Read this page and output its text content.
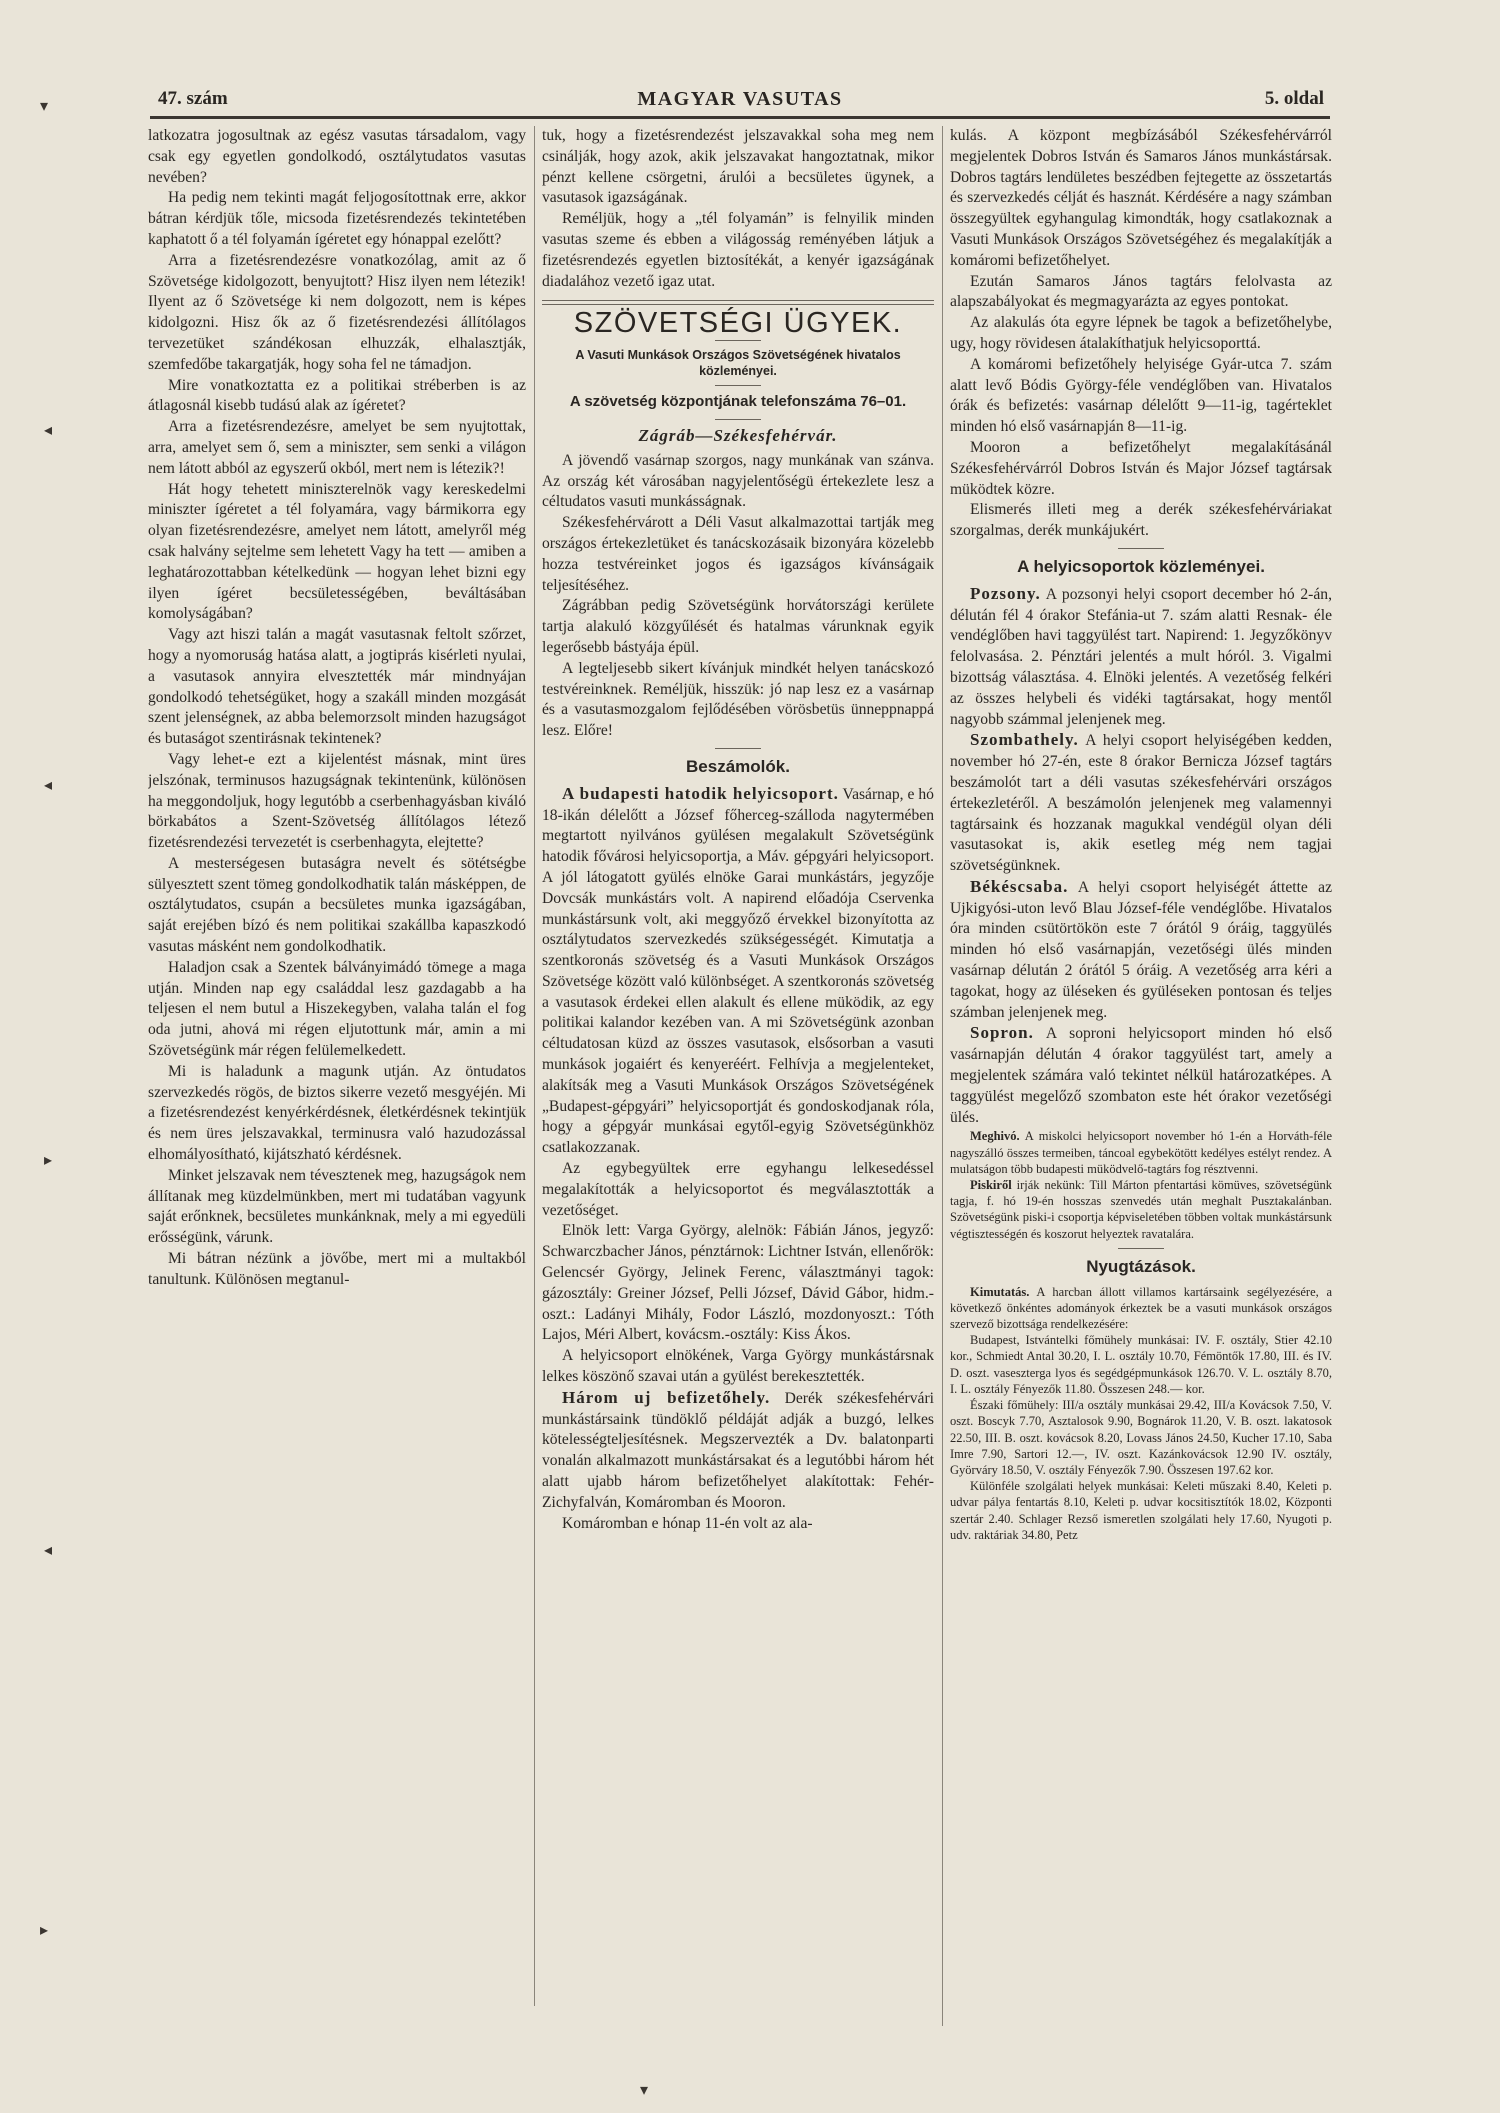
47. szám	MAGYAR VASUTAS	5. oldal
▾
◂
◂
▸
◂
▸
▾

latkozatra jogosultnak az egész vasutas társadalom, vagy csak egy egyetlen gondolkodó, osztálytudatos vasutas nevében?

Ha pedig nem tekinti magát feljogosítottnak erre, akkor bátran kérdjük tőle, micsoda fizetésrendezés tekintetében kaphatott ő a tél folyamán ígéretet egy hónappal ezelőtt?

Arra a fizetésrendezésre vonatkozólag, amit az ő Szövetsége kidolgozott, benyujtott? Hisz ilyen nem létezik! Ilyent az ő Szövetsége ki nem dolgozott, nem is képes kidolgozni. Hisz ők az ő fizetésrendezési állítólagos tervezetüket szándékosan elhuzzák, elhalasztják, szemfedőbe takargatják, hogy soha fel ne támadjon.

Mire vonatkoztatta ez a politikai stréberben is az átlagosnál kisebb tudású alak az ígéretet?

Arra a fizetésrendezésre, amelyet be sem nyujtottak, arra, amelyet sem ő, sem a miniszter, sem senki a világon nem látott abból az egyszerű okból, mert nem is létezik?!

Hát hogy tehetett miniszterelnök vagy kereskedelmi miniszter ígéretet a tél folyamára, vagy bármikorra egy olyan fizetésrendezésre, amelyet nem látott, amelyről még csak halvány sejtelme sem lehetett Vagy ha tett — amiben a leghatározottabban kételkedünk — hogyan lehet bizni egy ilyen ígéret becsületességében, beváltásában komolyságában?

Vagy azt hiszi talán a magát vasutasnak feltolt szőrzet, hogy a nyomoruság hatása alatt, a jogtiprás kisérleti nyulai, a vasutasok annyira elvesztették már mindnyájan gondolkodó tehetségüket, hogy a szakáll minden mozgását szent jelenségnek, az abba belemorzsolt minden hazugságot és butaságot szentirásnak tekintenek?

Vagy lehet-e ezt a kijelentést másnak, mint üres jelszónak, terminusos hazugságnak tekintenünk, különösen ha meggondoljuk, hogy legutóbb a cserbenhagyásban kiváló börkabátos a Szent-Szövetség állítólagos létező fizetésrendezési tervezetét is cserbenhagyta, elejtette?

A mesterségesen butaságra nevelt és sötétségbe sülyesztett szent tömeg gondolkodhatik talán másképpen, de osztálytudatos, csupán a becsületes munka igazságában, saját erejében bízó és nem politikai szakállba kapaszkodó vasutas másként nem gondolkodhatik.

Haladjon csak a Szentek bálványimádó tömege a maga utján. Minden nap egy családdal lesz gazdagabb a ha teljesen el nem butul a Hiszekegyben, valaha talán el fog oda jutni, ahová mi régen eljutottunk már, amin a mi Szövetségünk már régen felülemelkedett.

Mi is haladunk a magunk utján. Az öntudatos szervezkedés rögös, de biztos sikerre vezető mesgyéjén. Mi a fizetésrendezést kenyérkérdésnek, életkérdésnek tekintjük és nem üres jelszavakkal, terminusra való hazudozással elhomályosítható, kijátszható kérdésnek.

Minket jelszavak nem tévesztenek meg, hazugságok nem állítanak meg küzdelmünkben, mert mi tudatában vagyunk saját erőnknek, becsületes munkánknak, mely a mi egyedüli erősségünk, várunk.

Mi bátran nézünk a jövőbe, mert mi a multakból tanultunk. Különösen megtanul-

tuk, hogy a fizetésrendezést jelszavakkal soha meg nem csinálják, hogy azok, akik jelszavakat hangoztatnak, mikor pénzt kellene csörgetni, árulói a becsületes ügynek, a vasutasok igazságának.

Reméljük, hogy a „tél folyamán” is felnyilik minden vasutas szeme és ebben a világosság reményében látjuk a fizetésrendezés egyetlen biztosítékát, a kenyér igazságának diadalához vezető igaz utat.

SZÖVETSÉGI ÜGYEK.

A Vasuti Munkások Országos Szövetségének hivatalos közleményei.

A szövetség központjának telefonszáma 76–01.

Zágráb—Székesfehérvár.

A jövendő vasárnap szorgos, nagy munkának van szánva. Az ország két városában nagyjelentőségü értekezlete lesz a céltudatos vasuti munkásságnak.

Székesfehérvárott a Déli Vasut alkalmazottai tartják meg országos értekezletüket és tanácskozásaik bizonyára közelebb hozza testvéreinket jogos és igazságos kívánságaik teljesítéséhez.

Zágrábban pedig Szövetségünk horvátországi kerülete tartja alakuló közgyűlését és hatalmas várunknak egyik legerősebb bástyája épül.

A legteljesebb sikert kívánjuk mindkét helyen tanácskozó testvéreinknek. Reméljük, hisszük: jó nap lesz ez a vasárnap és a vasutasmozgalom fejlődésében vörösbetüs ünneppnappá lesz. Előre!

Beszámolók.

A budapesti hatodik helyicsoport. Vasárnap, e hó 18-ikán délelőtt a József főherceg-szálloda nagytermében megtartott nyilvános gyülésen megalakult Szövetségünk hatodik fővárosi helyicsoportja, a Máv. gépgyári helyicsoport. A jól látogatott gyülés elnöke Garai munkástárs, jegyzője Dovcsák munkástárs volt. A napirend előadója Cservenka munkástársunk volt, aki meggyőző érvekkel bizonyította az osztálytudatos szervezkedés szükségességét. Kimutatja a szentkoronás szövetség és a Vasuti Munkások Országos Szövetsége között való különbséget. A szentkoronás szövetség a vasutasok érdekei ellen alakult és ellene müködik, az egy politikai kalandor kezében van. A mi Szövetségünk azonban céltudatosan küzd az összes vasutasok, elsősorban a vasuti munkások jogaiért és kenyeréért. Felhívja a megjelenteket, alakítsák meg a Vasuti Munkások Országos Szövetségének „Budapest-gépgyári” helyicsoportját és gondoskodjanak róla, hogy a gépgyár munkásai egytől-egyig Szövetségünkhöz csatlakozzanak.

Az egybegyültek erre egyhangu lelkesedéssel megalakították a helyicsoportot és megválasztották a vezetőséget.

Elnök lett: Varga György, alelnök: Fábián János, jegyző: Schwarczbacher János, pénztárnok: Lichtner István, ellenőrök: Gelencsér György, Jelinek Ferenc, választmányi tagok: gázosztály: Greiner József, Pelli József, Dávid Gábor, hidm.-oszt.: Ladányi Mihály, Fodor László, mozdonyoszt.: Tóth Lajos, Méri Albert, kovácsm.-osztály: Kiss Ákos.

A helyicsoport elnökének, Varga György munkástársnak lelkes köszönő szavai után a gyülést berekesztették.

Három uj befizetőhely. Derék székesfehérvári munkástársaink tündöklő példáját adják a buzgó, lelkes kötelességteljesítésnek. Megszervezték a Dv. balatonparti vonalán alkalmazott munkástársakat és a legutóbbi három hét alatt ujabb három befizetőhelyet alakítottak: Fehér-Zichyfalván, Komáromban és Mooron.

Komáromban e hónap 11-én volt az ala-

kulás. A központ megbízásából Székesfehérvárról megjelentek Dobros István és Samaros János munkástársak. Dobros tagtárs lendületes beszédben fejtegette az összetartás és szervezkedés célját és hasznát. Kérdésére a nagy számban összegyültek egyhangulag kimondták, hogy csatlakoznak a Vasuti Munkások Országos Szövetségéhez és megalakítják a komáromi befizetőhelyet.

Ezután Samaros János tagtárs felolvasta az alapszabályokat és megmagyarázta az egyes pontokat.

Az alakulás óta egyre lépnek be tagok a befizetőhelybe, ugy, hogy rövidesen átalakíthatjuk helyicsoporttá.

A komáromi befizetőhely helyisége Gyár-utca 7. szám alatt levő Bódis György-féle vendéglőben van. Hivatalos órák és befizetés: vasárnap délelőtt 9—11-ig, tagérteklet minden hó első vasárnapján 8—11-ig.

Mooron a befizetőhelyt megalakításánál Székesfehérvárról Dobros István és Major József tagtársak müködtek közre.

Elismerés illeti meg a derék székesfehérváriakat szorgalmas, derék munkájukért.

A helyicsoportok közleményei.

Pozsony. A pozsonyi helyi csoport december hó 2-án, délután fél 4 órakor Stefánia-ut 7. szám alatti Resnak- éle vendéglőben havi taggyülést tart. Napirend: 1. Jegyzőkönyv felolvasása. 2. Pénztári jelentés a mult hóról. 3. Vigalmi bizottság választása. 4. Elnöki jelentés. A vezetőség felkéri az összes helybeli és vidéki tagtársakat, hogy mentől nagyobb számmal jelenjenek meg.

Szombathely. A helyi csoport helyiségében kedden, november hó 27-én, este 8 órakor Berniczа József tagtárs beszámolót tart a déli vasutas székesfehérvári országos értekezletéről. A beszámolón jelenjenek meg valamennyi tagtársaink és hozzanak magukkal vendégül olyan déli vasutasokat is, akik esetleg még nem tagjai szövetségünknek.

Békéscsaba. A helyi csoport helyiségét áttette az Ujkigyósi-uton levő Blau József-féle vendéglőbe. Hivatalos óra minden csütörtökön este 7 órától 9 óráig, taggyülés minden hó első vasárnapján, vezetőségi ülés minden vasárnap délután 2 órától 5 óráig. A vezetőség arra kéri a tagokat, hogy az üléseken és gyüléseken pontosan és teljes számban jelenjenek meg.

Sopron. A soproni helyicsoport minden hó első vasárnapján délután 4 órakor taggyülést tart, amely a megjelentek számára való tekintet nélkül határozatképes. A taggyülést megelőző szombaton este hét órakor vezetőségi ülés.

Meghivó. A miskolci helyicsoport november hó 1-én a Horváth-féle nagyszálló összes termeiben, táncoal egybekötött kedélyes estélyt rendez. A mulatságon több budapesti müködvelő-tagtárs fog résztvenni.

Piskiről irják nekünk: Till Márton pfentartási kömüves, szövetségünk tagja, f. hó 19-én hosszas szenvedés után meghalt Pusztakalánban. Szövetségünk piski-i csoportja képviseletében többen voltak munkástársunk végtisztességén és koszorut helyeztek ravatalára.

Nyugtázások.

Kimutatás. A harcban állott villamos kartársaink segélyezésére, a következő önkéntes adományok érkeztek be a vasuti munkások országos szervező bizottsága rendelkezésére:

Budapest, Istvántelki főmühely munkásai: IV. F. osztály, Stier 42.10 kor., Schmiedt Antal 30.20, I. L. osztály 10.70, Fémöntők 17.80, III. és IV. D. oszt. vaseszterga lyos és segédgépmunkások 126.70. V. L. osztály 8.70, I. L. osztály Fényezők 11.80. Összesen 248.— kor.

Északi főmühely: III/a osztály munkásai 29.42, III/a Kovácsok 7.50, V. oszt. Boscyk 7.70, Asztalosok 9.90, Bognárok 11.20, V. B. oszt. lakatosok 22.50, III. B. oszt. kovácsok 8.20, Lovass János 24.50, Kucher 17.10, Saba Imre 7.90, Sartori 12.—, IV. oszt. Kazánkovácsok 12.90 IV. osztály, Györváry 18.50, V. osztály Fényezők 7.90. Összesen 197.62 kor.

Különféle szolgálati helyek munkásai: Keleti műszaki 8.40, Keleti p. udvar pálya fentartás 8.10, Keleti p. udvar kocsitisztítók 18.02, Központi szertár 2.40. Schlager Rezső ismeretlen szolgálati hely 17.60, Nyugoti p. udv. raktáriak 34.80, Petz
